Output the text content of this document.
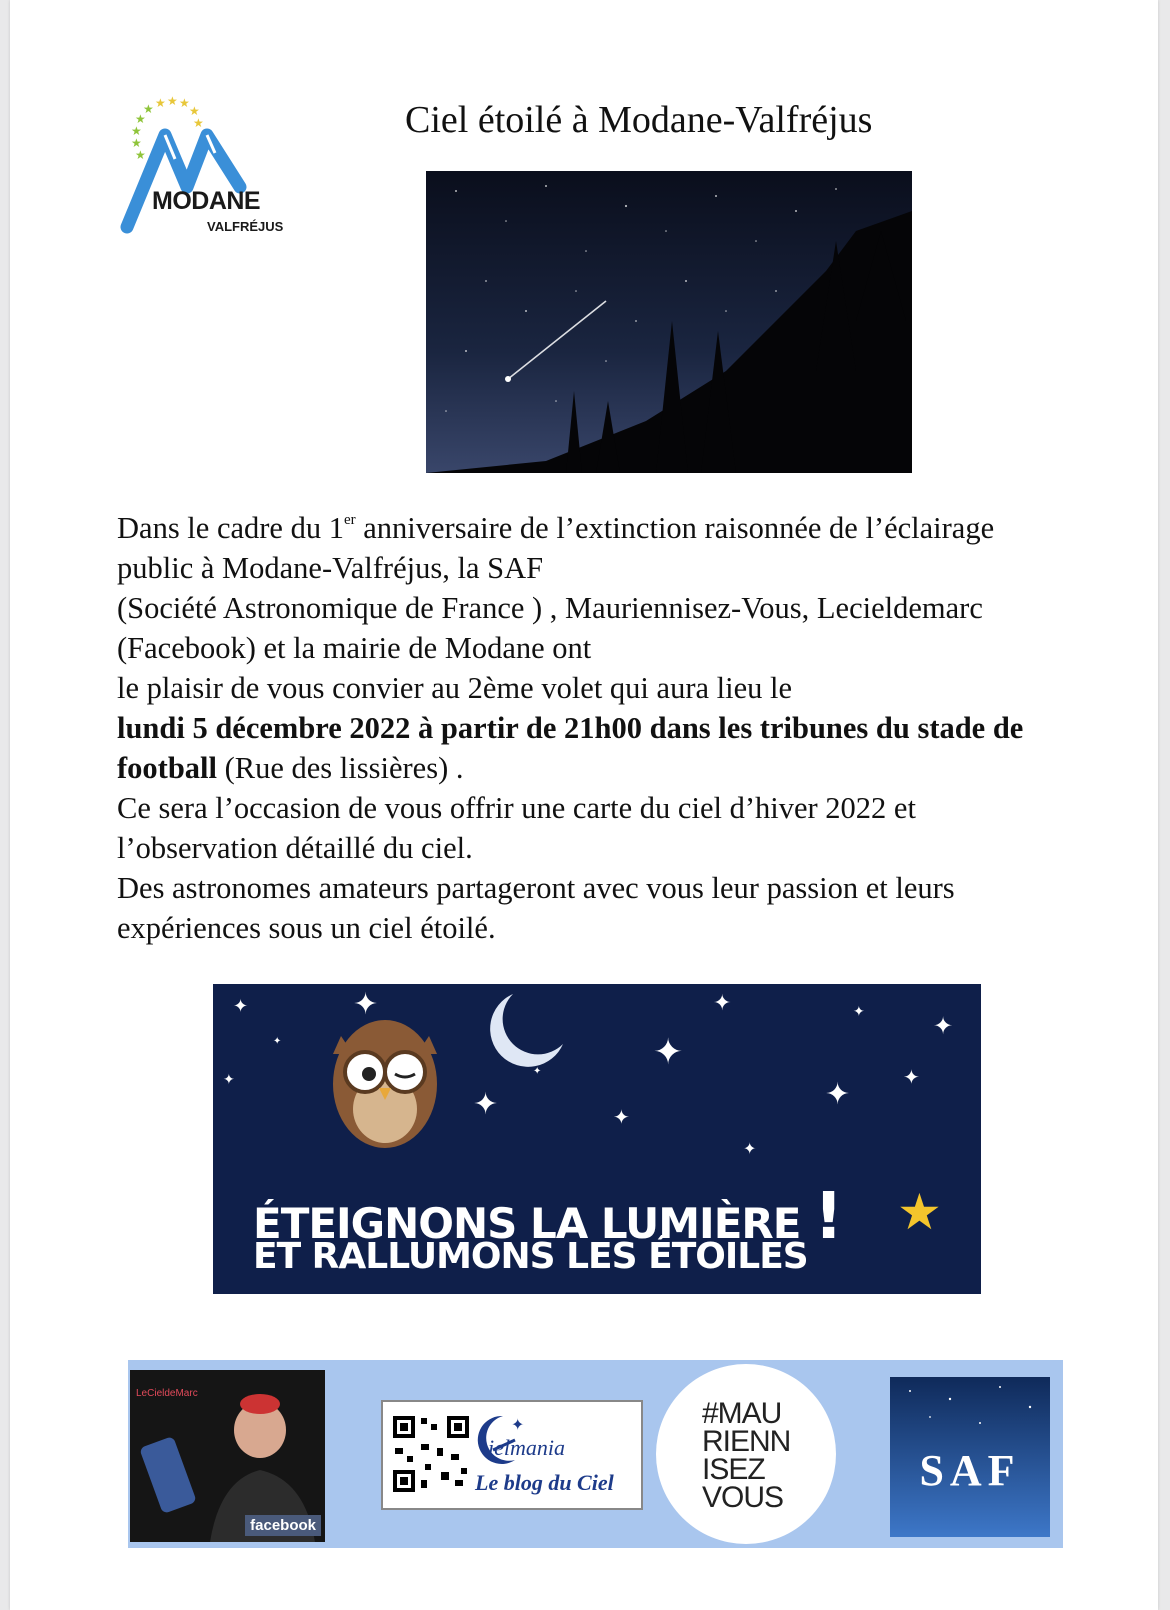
★ ★ ★
★
★
★
★
★
★
★
MODANE
VALFRÉJUS
Ciel étoilé à Modane-Valfréjus

Dans le cadre du 1er anniversaire de l’extinction raisonnée de l’éclairage public à Modane-Valfréjus, la SAF
(Société Astronomique de France ) , Mauriennisez-Vous, Lecieldemarc (Facebook) et la mairie de Modane ont
le plaisir de vous convier au 2ème volet qui aura lieu le
lundi 5 décembre 2022 à partir de 21h00 dans les tribunes du stade de football (Rue des lissières) .

Ce sera l’occasion de vous offrir une carte du ciel d’hiver 2022 et l’observation détaillé du ciel.

Des astronomes amateurs partageront avec vous leur passion et leurs expériences sous un ciel étoilé.

✦	✦	✦	✦
✦
✦
✦	✦
✦	✦
✦
✦
✦
✦
★
ÉTEIGNONS LA LUMIÈRE !
ET RALLUMONS LES ÉTOILES
LeCieldeMarc
facebook
✦
ielmania
Le blog du Ciel
#MAU
RIENN
ISEZ
VOUS
SAF
